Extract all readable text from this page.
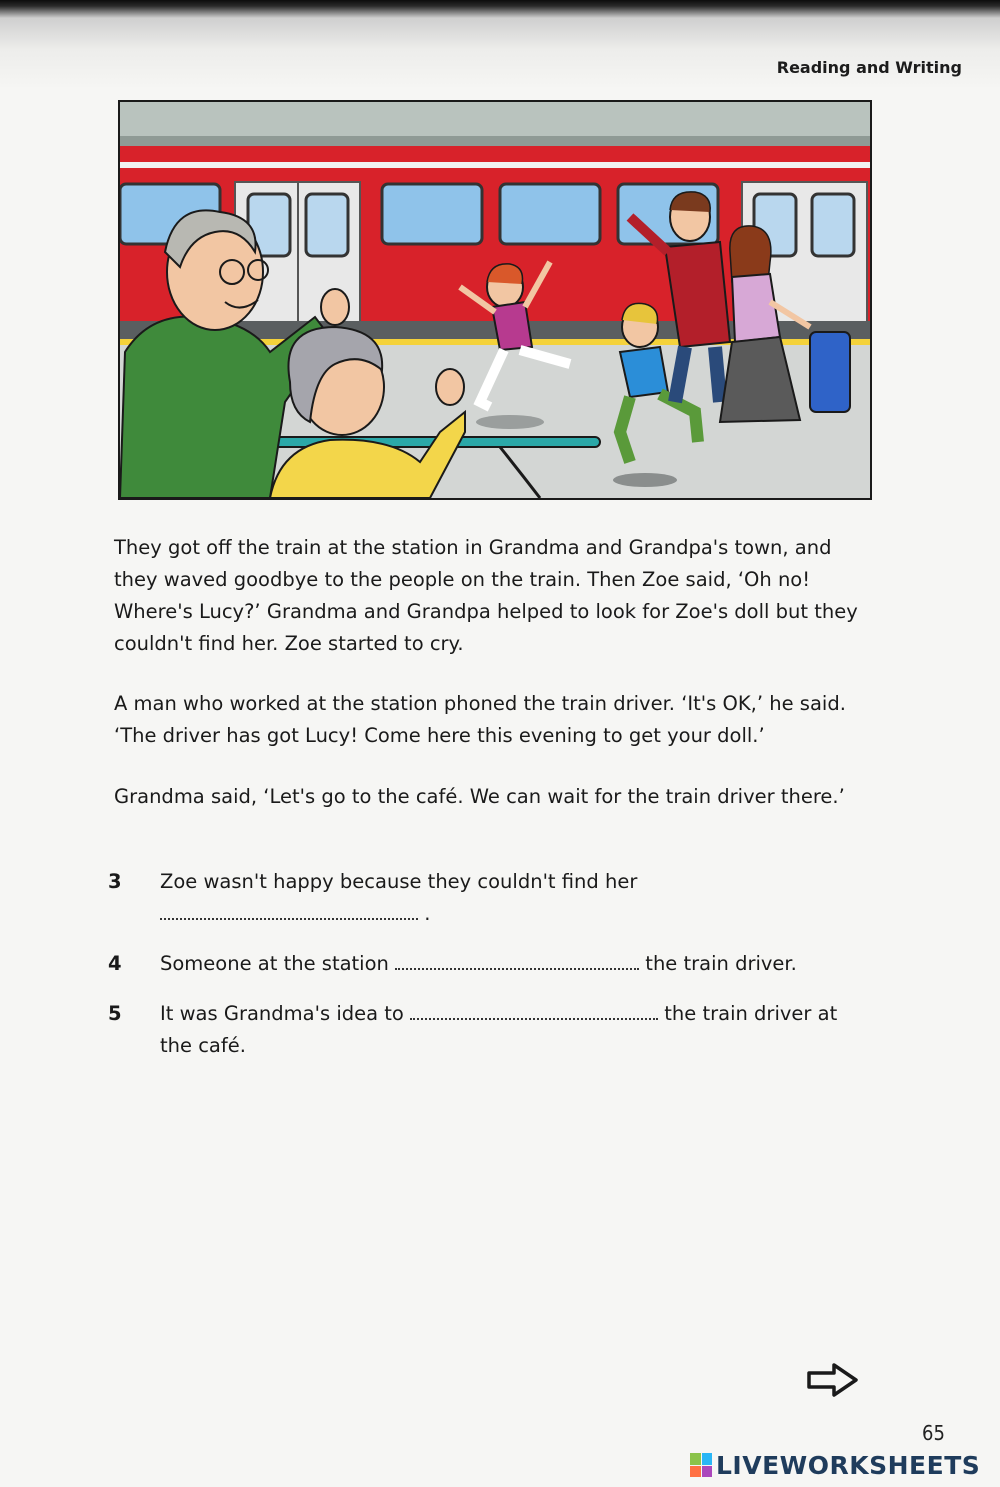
Reading and Writing

They got off the train at the station in Grandma and Grandpa's town, and they waved goodbye to the people on the train. Then Zoe said, ‘Oh no! Where's Lucy?’ Grandma and Grandpa helped to look for Zoe's doll but they couldn't find her. Zoe started to cry.

A man who worked at the station phoned the train driver. ‘It's OK,’ he said. ‘The driver has got Lucy! Come here this evening to get your doll.’

Grandma said, ‘Let's go to the café. We can wait for the train driver there.’

3 Zoe wasn't happy because they couldn't find her
.
4 Someone at the station	the train driver.
5 It was Grandma's idea to	the train driver at the café.
65
LIVEWORKSHEETS
